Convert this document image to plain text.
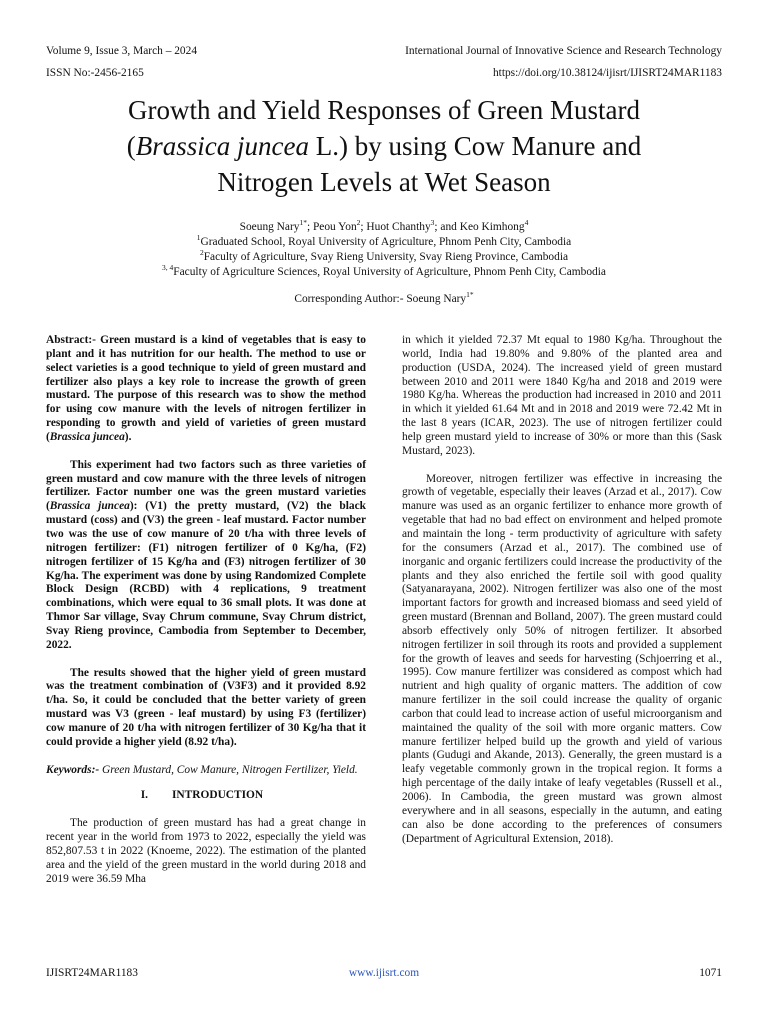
Volume 9, Issue 3, March – 2024	International Journal of Innovative Science and Research Technology
ISSN No:-2456-2165	https://doi.org/10.38124/ijisrt/IJISRT24MAR1183
Growth and Yield Responses of Green Mustard
(Brassica juncea L.) by using Cow Manure and
Nitrogen Levels at Wet Season
Soeung Nary$^{1*}$; Peou Yon$^2$; Huot Chanthy$^3$; and Keo Kimhong$^4$
$^1$Graduated School, Royal University of Agriculture, Phnom Penh City, Cambodia
$^2$Faculty of Agriculture, Svay Rieng University, Svay Rieng Province, Cambodia
$^{3, 4}$Faculty of Agriculture Sciences, Royal University of Agriculture, Phnom Penh City, Cambodia
Corresponding Author:- Soeung Nary$^{1*}$

Abstract:- Green mustard is a kind of vegetables that is easy to plant and it has nutrition for our health. The method to use or select varieties is a good technique to yield of green mustard and fertilizer also plays a key role to increase the growth of green mustard. The purpose of this research was to show the method for using cow manure with the levels of nitrogen fertilizer in responding to growth and yield of varieties of green mustard (Brassica juncea).

This experiment had two factors such as three varieties of green mustard and cow manure with the three levels of nitrogen fertilizer. Factor number one was the green mustard varieties (Brassica juncea): (V1) the pretty mustard, (V2) the black mustard (coss) and (V3) the green - leaf mustard. Factor number two was the use of cow manure of 20 t/ha with three levels of nitrogen fertilizer: (F1) nitrogen fertilizer of 0 Kg/ha, (F2) nitrogen fertilizer of 15 Kg/ha and (F3) nitrogen fertilizer of 30 Kg/ha. The experiment was done by using Randomized Complete Block Design (RCBD) with 4 replications, 9 treatment combinations, which were equal to 36 small plots. It was done at Thmor Sar village, Svay Chrum commune, Svay Chrum district, Svay Rieng province, Cambodia from September to December, 2022.

The results showed that the higher yield of green mustard was the treatment combination of (V3F3) and it provided 8.92 t/ha. So, it could be concluded that the better variety of green mustard was V3 (green - leaf mustard) by using F3 (fertilizer) cow manure of 20 t/ha with nitrogen fertilizer of 30 Kg/ha that it could provide a higher yield (8.92 t/ha).

Keywords:- Green Mustard, Cow Manure, Nitrogen Fertilizer, Yield.

I. INTRODUCTION

The production of green mustard has had a great change in recent year in the world from 1973 to 2022, especially the yield was 852,807.53 t in 2022 (Knoeme, 2022). The estimation of the planted area and the yield of the green mustard in the world during 2018 and 2019 were 36.59 Mha

in which it yielded 72.37 Mt equal to 1980 Kg/ha. Throughout the world, India had 19.80% and 9.80% of the planted area and production (USDA, 2024). The increased yield of green mustard between 2010 and 2011 were 1840 Kg/ha and 2018 and 2019 were 1980 Kg/ha. Whereas the production had increased in 2010 and 2011 in which it yielded 61.64 Mt and in 2018 and 2019 were 72.42 Mt in the last 8 years (ICAR, 2023). The use of nitrogen fertilizer could help green mustard yield to increase of 30% or more than this (Sask Mustard, 2023).

Moreover, nitrogen fertilizer was effective in increasing the growth of vegetable, especially their leaves (Arzad et al., 2017). Cow manure was used as an organic fertilizer to enhance more growth of vegetable that had no bad effect on environment and helped promote and maintain the long - term productivity of agriculture with safety for the consumers (Arzad et al., 2017). The combined use of inorganic and organic fertilizers could increase the productivity of the plants and they also enriched the fertile soil with good quality (Satyanarayana, 2002). Nitrogen fertilizer was also one of the most important factors for growth and increased biomass and seed yield of green mustard (Brennan and Bolland, 2007). The green mustard could absorb effectively only 50% of nitrogen fertilizer. It absorbed nitrogen fertilizer in soil through its roots and provided a supplement for the growth of leaves and seeds for harvesting (Schjoerring et al., 1995). Cow manure fertilizer was considered as compost which had nutrient and high quality of organic matters. The addition of cow manure fertilizer in the soil could increase the quality of organic carbon that could lead to increase action of useful microorganism and maintained the quality of the soil with more organic matters. Cow manure fertilizer helped build up the growth and yield of various plants (Gudugi and Akande, 2013). Generally, the green mustard is a leafy vegetable commonly grown in the tropical region. It forms a high percentage of the daily intake of leafy vegetables (Russell et al., 2006). In Cambodia, the green mustard was grown almost everywhere and in all seasons, especially in the autumn, and eating can also be done according to the preferences of consumers (Department of Agricultural Extension, 2018).

IJISRT24MAR1183	www.ijisrt.com	1071
